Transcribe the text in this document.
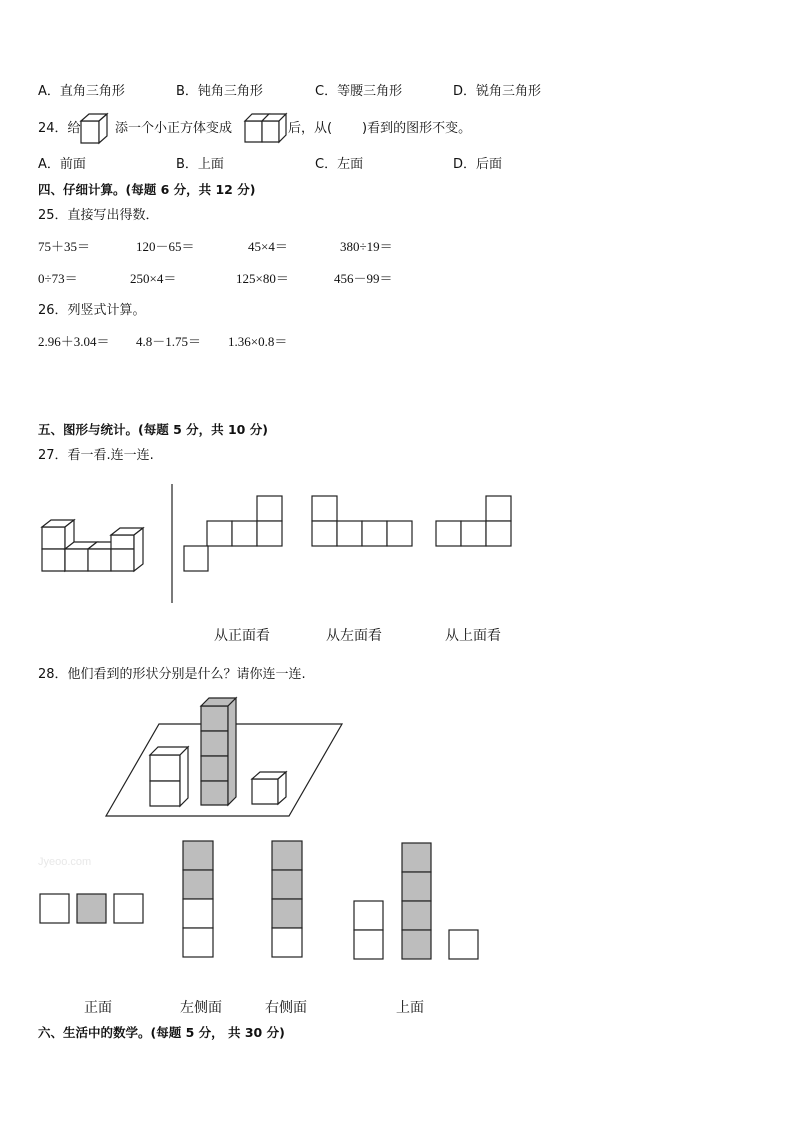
A．直角三角形	B．钝角三角形	C．等腰三角形	D．锐角三角形
24．给	添一个小正方体变成	后，从( )看到的图形不变。
A．前面	B．上面	C．左面	D．后面
四、仔细计算。(每题 6 分，共 12 分)
25．直接写出得数．
75＋35＝	120－65＝	45×4＝	380÷19＝
0÷73＝	250×4＝	125×80＝	456－99＝
26．列竖式计算。
2.96＋3.04＝ 4.8－1.75＝ 1.36×0.8＝
五、图形与统计。(每题 5 分，共 10 分)
27．看一看.连一连.
从正面看	从左面看	从上面看
28．他们看到的形状分别是什么？请你连一连.
Jyeoo.com
正面	左侧面	右侧面	上面
六、生活中的数学。(每题 5 分， 共 30 分)
